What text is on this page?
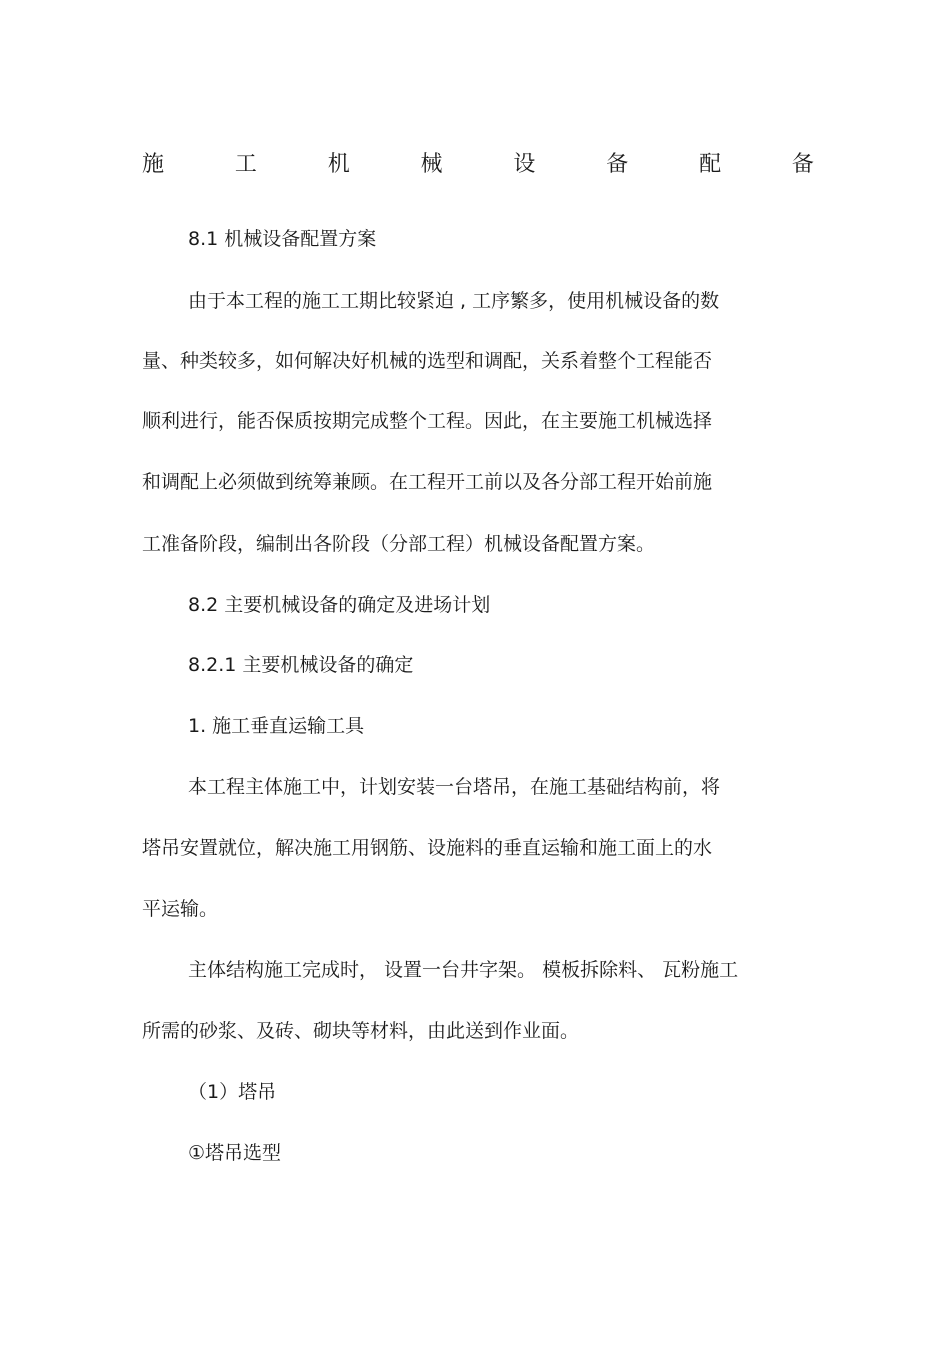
施	工	机	械	设	备	配	备
8.1 机械设备配置方案
由于本工程的施工工期比较紧迫 , 工序繁多，使用机械设备的数
量、种类较多，如何解决好机械的选型和调配，关系着整个工程能否
顺利进行，能否保质按期完成整个工程。因此，在主要施工机械选择
和调配上必须做到统筹兼顾。在工程开工前以及各分部工程开始前施
工准备阶段，编制出各阶段（分部工程）机械设备配置方案。
8.2 主要机械设备的确定及进场计划
8.2.1 主要机械设备的确定
1. 施工垂直运输工具
本工程主体施工中，计划安装一台塔吊，在施工基础结构前，将
塔吊安置就位，解决施工用钢筋、设施料的垂直运输和施工面上的水
平运输。
主体结构施工完成时， 设置一台井字架。 模板拆除料、 瓦粉施工
所需的砂浆、及砖、砌块等材料，由此送到作业面。
（1）塔吊
①塔吊选型
